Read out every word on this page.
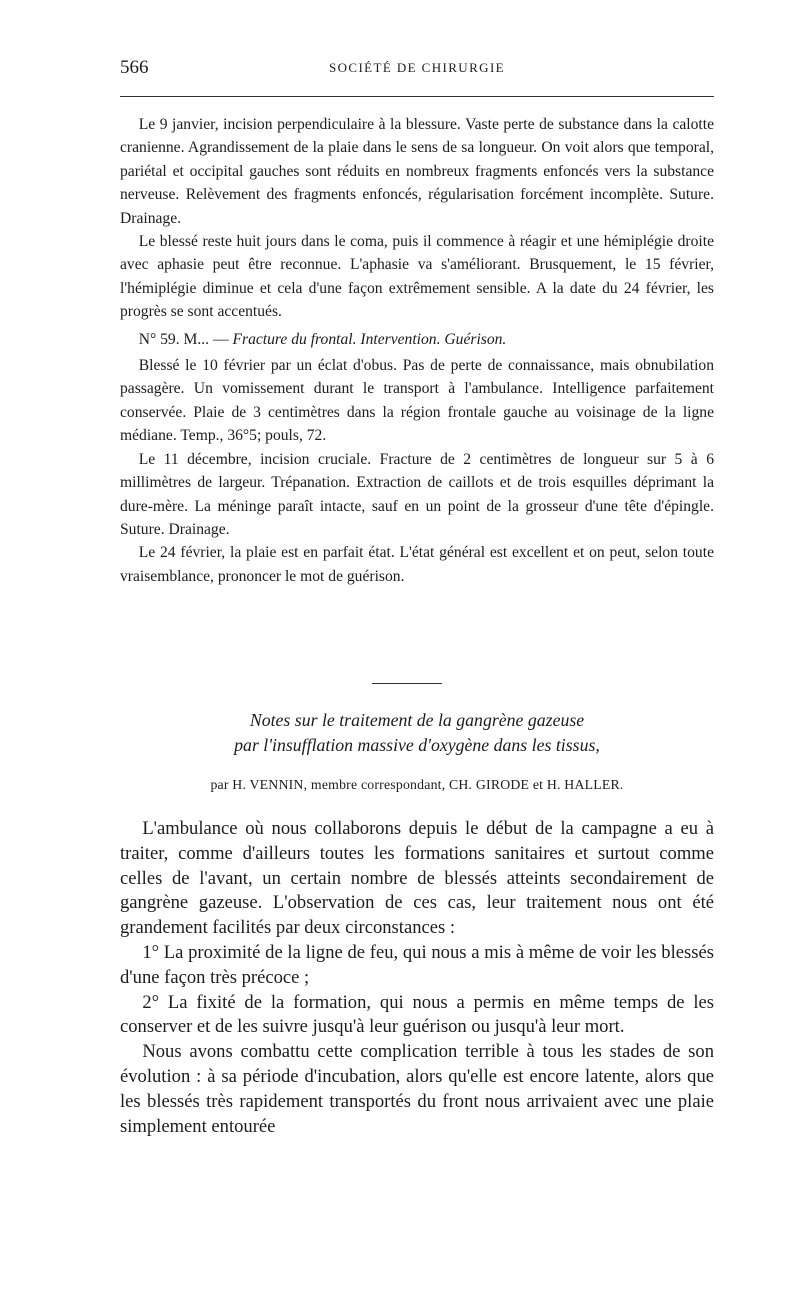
566	SOCIÉTÉ DE CHIRURGIE

Le 9 janvier, incision perpendiculaire à la blessure. Vaste perte de substance dans la calotte cranienne. Agrandissement de la plaie dans le sens de sa longueur. On voit alors que temporal, pariétal et occipital gauches sont réduits en nombreux fragments enfoncés vers la substance nerveuse. Relèvement des fragments enfoncés, régularisation forcément incomplète. Suture. Drainage.

Le blessé reste huit jours dans le coma, puis il commence à réagir et une hémiplégie droite avec aphasie peut être reconnue. L'aphasie va s'améliorant. Brusquement, le 15 février, l'hémiplégie diminue et cela d'une façon extrêmement sensible. A la date du 24 février, les progrès se sont accentués.

N° 59. M... — Fracture du frontal. Intervention. Guérison.

Blessé le 10 février par un éclat d'obus. Pas de perte de connaissance, mais obnubilation passagère. Un vomissement durant le transport à l'ambulance. Intelligence parfaitement conservée. Plaie de 3 centimètres dans la région frontale gauche au voisinage de la ligne médiane. Temp., 36°5; pouls, 72.

Le 11 décembre, incision cruciale. Fracture de 2 centimètres de longueur sur 5 à 6 millimètres de largeur. Trépanation. Extraction de caillots et de trois esquilles déprimant la dure-mère. La méninge paraît intacte, sauf en un point de la grosseur d'une tête d'épingle. Suture. Drainage.

Le 24 février, la plaie est en parfait état. L'état général est excellent et on peut, selon toute vraisemblance, prononcer le mot de guérison.

Notes sur le traitement de la gangrène gazeuse
par l'insufflation massive d'oxygène dans les tissus,
par H. VENNIN, membre correspondant, CH. GIRODE et H. HALLER.

L'ambulance où nous collaborons depuis le début de la campagne a eu à traiter, comme d'ailleurs toutes les formations sanitaires et surtout comme celles de l'avant, un certain nombre de blessés atteints secondairement de gangrène gazeuse. L'observation de ces cas, leur traitement nous ont été grandement facilités par deux circonstances :

1° La proximité de la ligne de feu, qui nous a mis à même de voir les blessés d'une façon très précoce ;

2° La fixité de la formation, qui nous a permis en même temps de les conserver et de les suivre jusqu'à leur guérison ou jusqu'à leur mort.

Nous avons combattu cette complication terrible à tous les stades de son évolution : à sa période d'incubation, alors qu'elle est encore latente, alors que les blessés très rapidement transportés du front nous arrivaient avec une plaie simplement entourée
